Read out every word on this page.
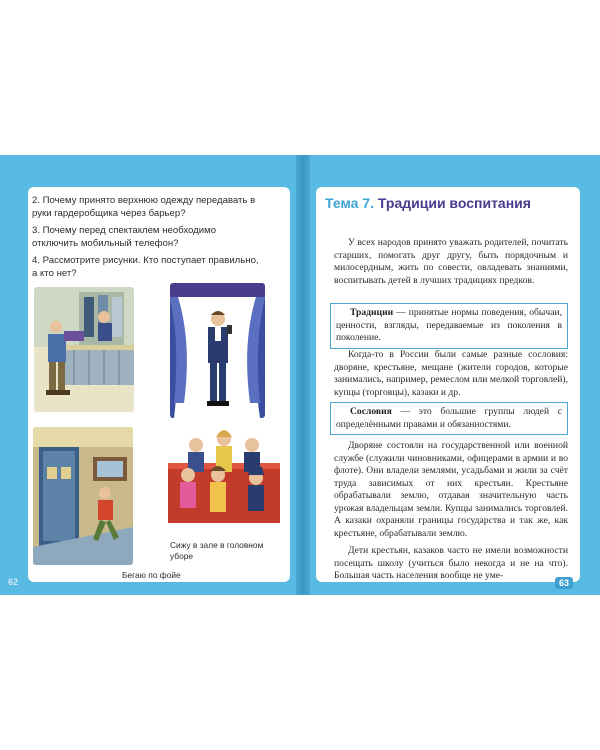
2. Почему принято верхнюю одежду передавать в руки гардеробщика через барьер?
3. Почему перед спектаклем необходимо отключить мобильный телефон?
4. Рассмотрите рисунки. Кто поступает правильно, а кто нет?
Бегаю по фойе
Сижу в зале в головном уборе
62
Тема 7. Традиции воспитания
У всех народов принято уважать родителей, почитать старших, помогать друг другу, быть порядочным и милосердным, жить по совести, овладевать знаниями, воспитывать детей в лучших традициях предков.
Традиции — принятые нормы поведения, обычаи, ценности, взгляды, передаваемые из поколения в поколение.
Когда-то в России были самые разные сословия: дворяне, крестьяне, мещане (жители городов, которые занимались, например, ремеслом или мелкой торговлей), купцы (торговцы), казаки и др.
Сословия — это большие группы людей с определёнными правами и обязанностями.
Дворяне состояли на государственной или военной службе (служили чиновниками, офицерами в армии и во флоте). Они владели землями, усадьбами и жили за счёт труда зависимых от них крестьян. Крестьяне обрабатывали землю, отдавая значительную часть урожая владельцам земли. Купцы занимались торговлей. А казаки охраняли границы государства и так же, как крестьяне, обрабатывали землю.
Дети крестьян, казаков часто не имели возможности посещать школу (учиться было некогда и не на что). Большая часть населения вообще не уме-
63
